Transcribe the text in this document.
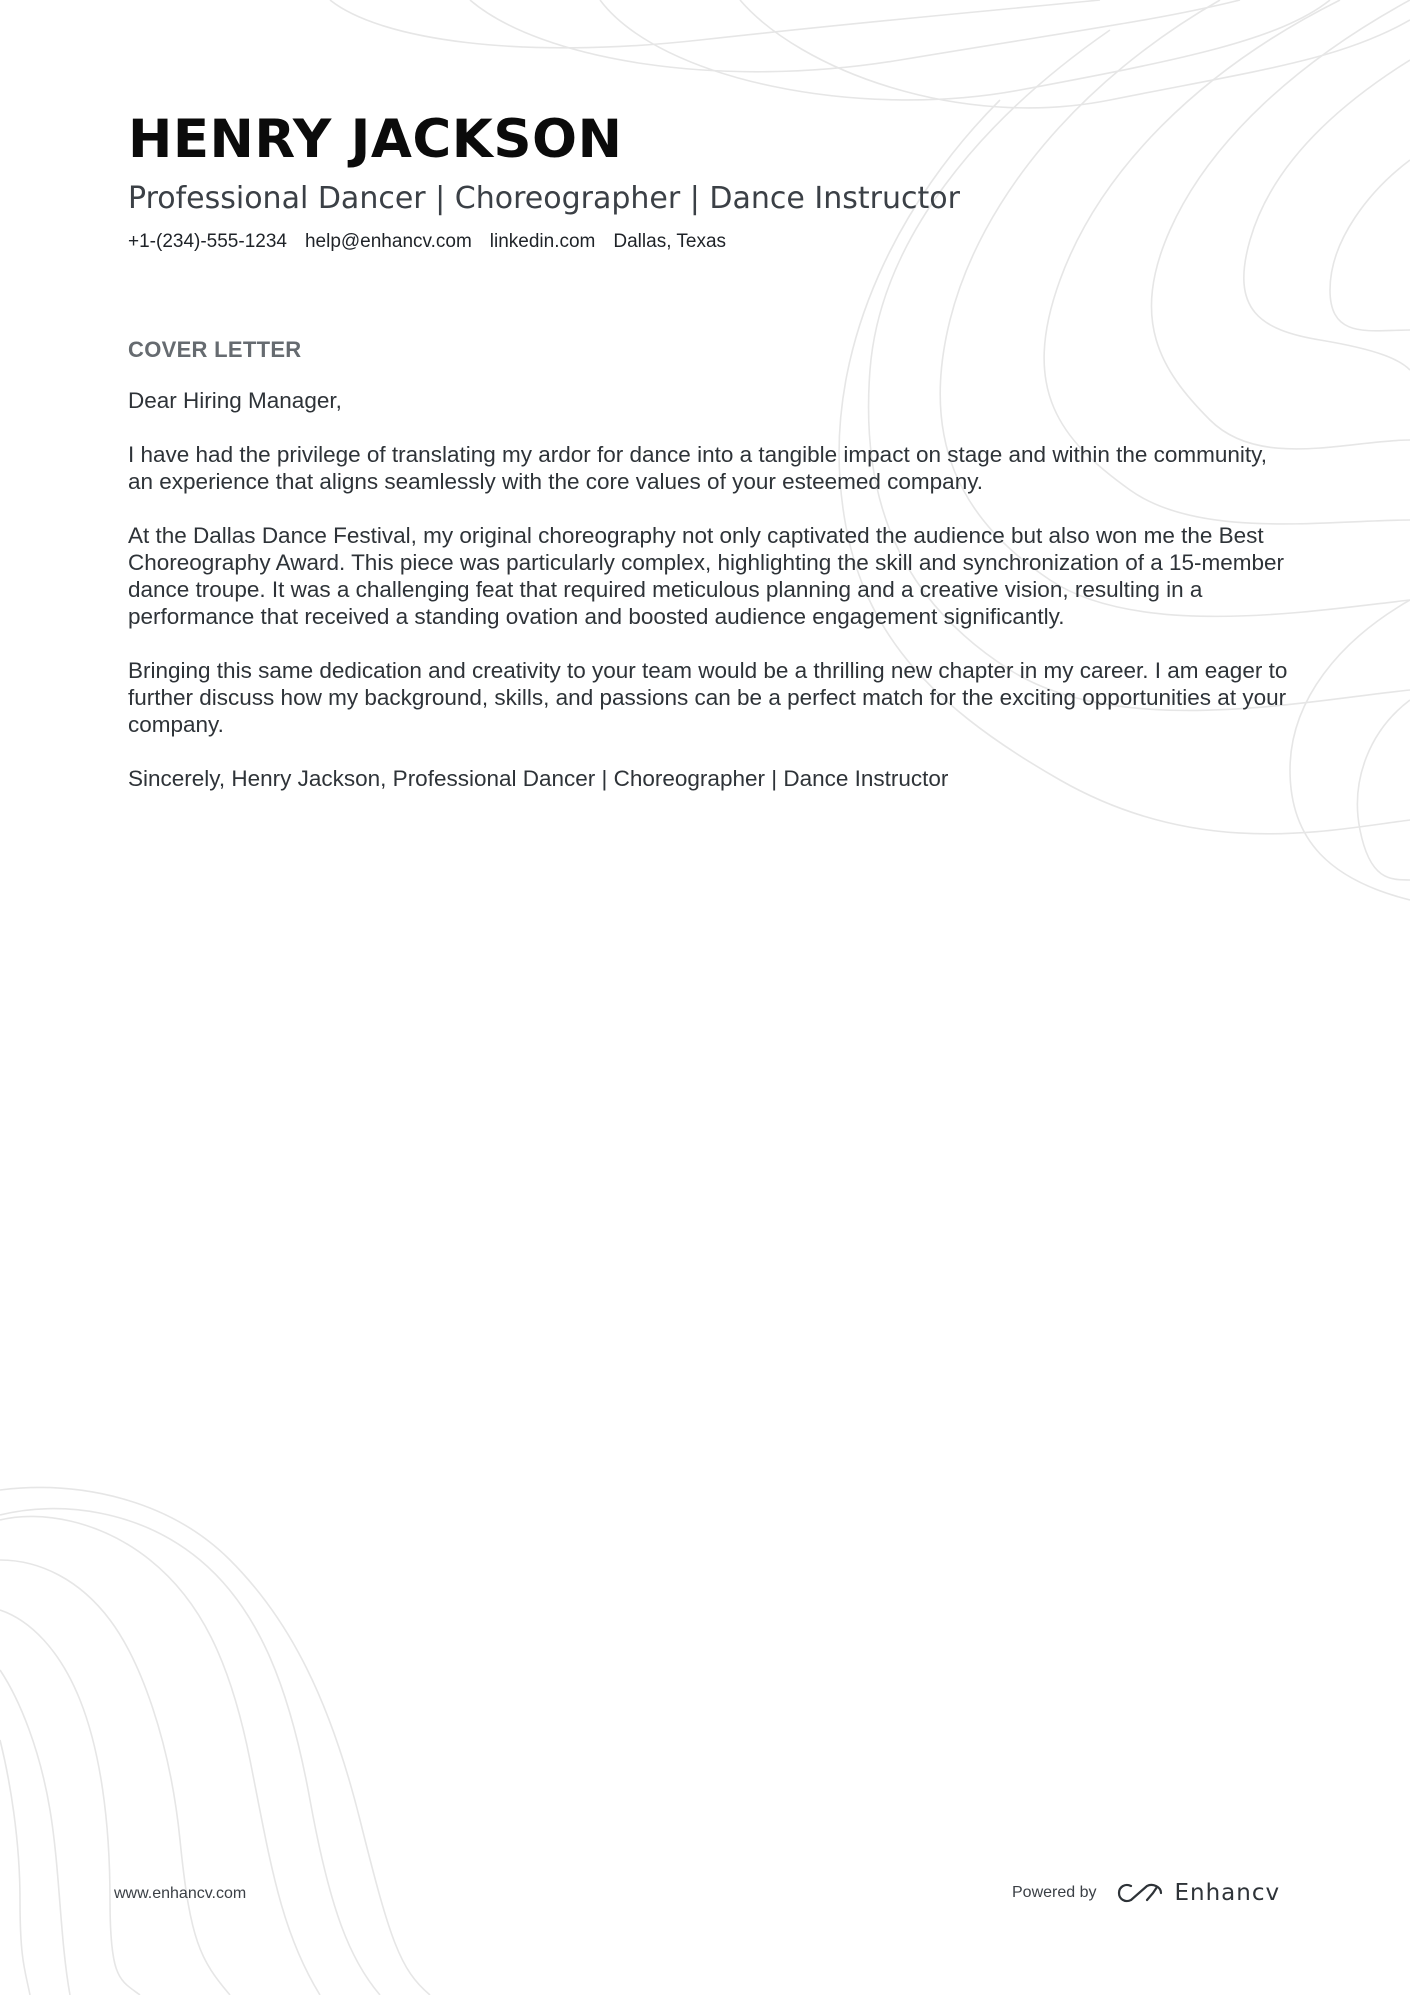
HENRY JACKSON
Professional Dancer | Choreographer | Dance Instructor
+1-(234)-555-1234 help@enhancv.com linkedin.com Dallas, Texas
COVER LETTER

Dear Hiring Manager,

I have had the privilege of translating my ardor for dance into a tangible impact on stage and within the community, an experience that aligns seamlessly with the core values of your esteemed company.

At the Dallas Dance Festival, my original choreography not only captivated the audience but also won me the Best Choreography Award. This piece was particularly complex, highlighting the skill and synchronization of a 15-member dance troupe. It was a challenging feat that required meticulous planning and a creative vision, resulting in a performance that received a standing ovation and boosted audience engagement significantly.

Bringing this same dedication and creativity to your team would be a thrilling new chapter in my career. I am eager to further discuss how my background, skills, and passions can be a perfect match for the exciting opportunities at your company.

Sincerely, Henry Jackson, Professional Dancer | Choreographer | Dance Instructor

www.enhancv.com	Powered by	Enhancv
